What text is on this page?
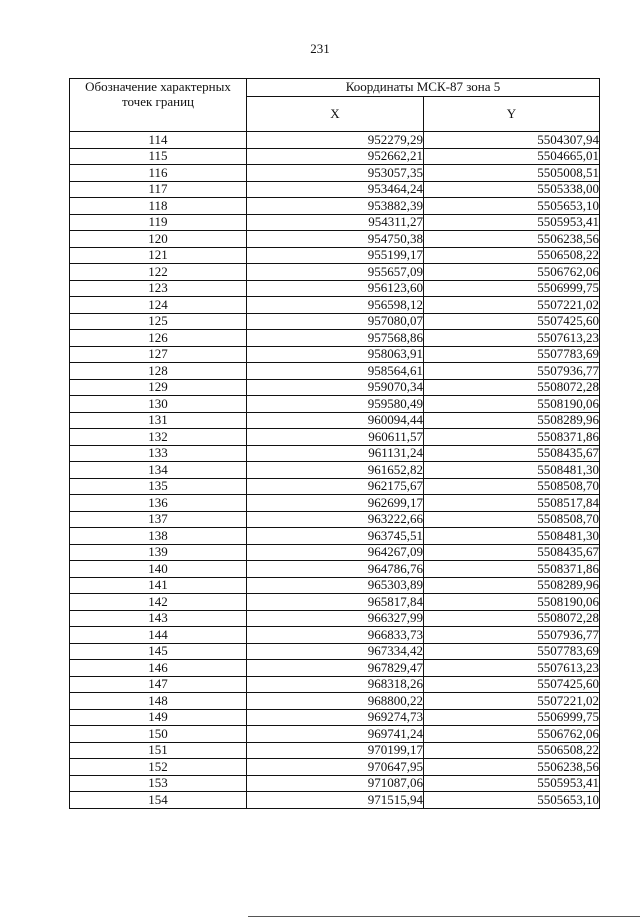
231
Обозначение характерных точек границ	Координаты МСК-87 зона 5	
	X	Y
114	952279,29	5504307,94
115	952662,21	5504665,01
116	953057,35	5505008,51
117	953464,24	5505338,00
118	953882,39	5505653,10
119	954311,27	5505953,41
120	954750,38	5506238,56
121	955199,17	5506508,22
122	955657,09	5506762,06
123	956123,60	5506999,75
124	956598,12	5507221,02
125	957080,07	5507425,60
126	957568,86	5507613,23
127	958063,91	5507783,69
128	958564,61	5507936,77
129	959070,34	5508072,28
130	959580,49	5508190,06
131	960094,44	5508289,96
132	960611,57	5508371,86
133	961131,24	5508435,67
134	961652,82	5508481,30
135	962175,67	5508508,70
136	962699,17	5508517,84
137	963222,66	5508508,70
138	963745,51	5508481,30
139	964267,09	5508435,67
140	964786,76	5508371,86
141	965303,89	5508289,96
142	965817,84	5508190,06
143	966327,99	5508072,28
144	966833,73	5507936,77
145	967334,42	5507783,69
146	967829,47	5507613,23
147	968318,26	5507425,60
148	968800,22	5507221,02
149	969274,73	5506999,75
150	969741,24	5506762,06
151	970199,17	5506508,22
152	970647,95	5506238,56
153	971087,06	5505953,41
154	971515,94	5505653,10
